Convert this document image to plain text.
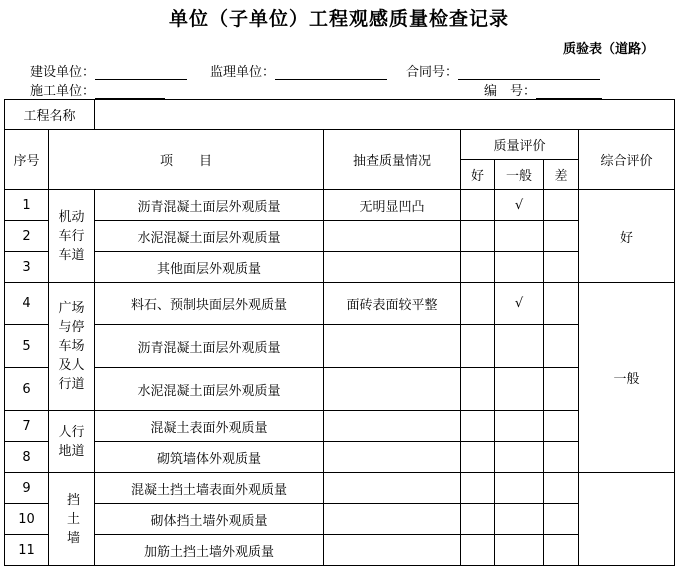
单位（子单位）工程观感质量检查记录
质验表（道路）
建设单位：	监理单位：	合同号：
施工单位：	编　号：
工程名称							
序号	项　　目		抽查质量情况	质量评价			综合评价
				好	一般	差	
1	机动车行车道	沥青混凝土面层外观质量	无明显凹凸		√		好
2		水泥混凝土面层外观质量					
3		其他面层外观质量					
4	广场与停车场及人行道	料石、预制块面层外观质量	面砖表面较平整		√		一般
5		沥青混凝土面层外观质量					
6		水泥混凝土面层外观质量					
7	人行地道	混凝土表面外观质量					
8		砌筑墙体外观质量					
9	挡土墙	混凝土挡土墙表面外观质量					
10		砌体挡土墙外观质量					
11		加筋土挡土墙外观质量					
